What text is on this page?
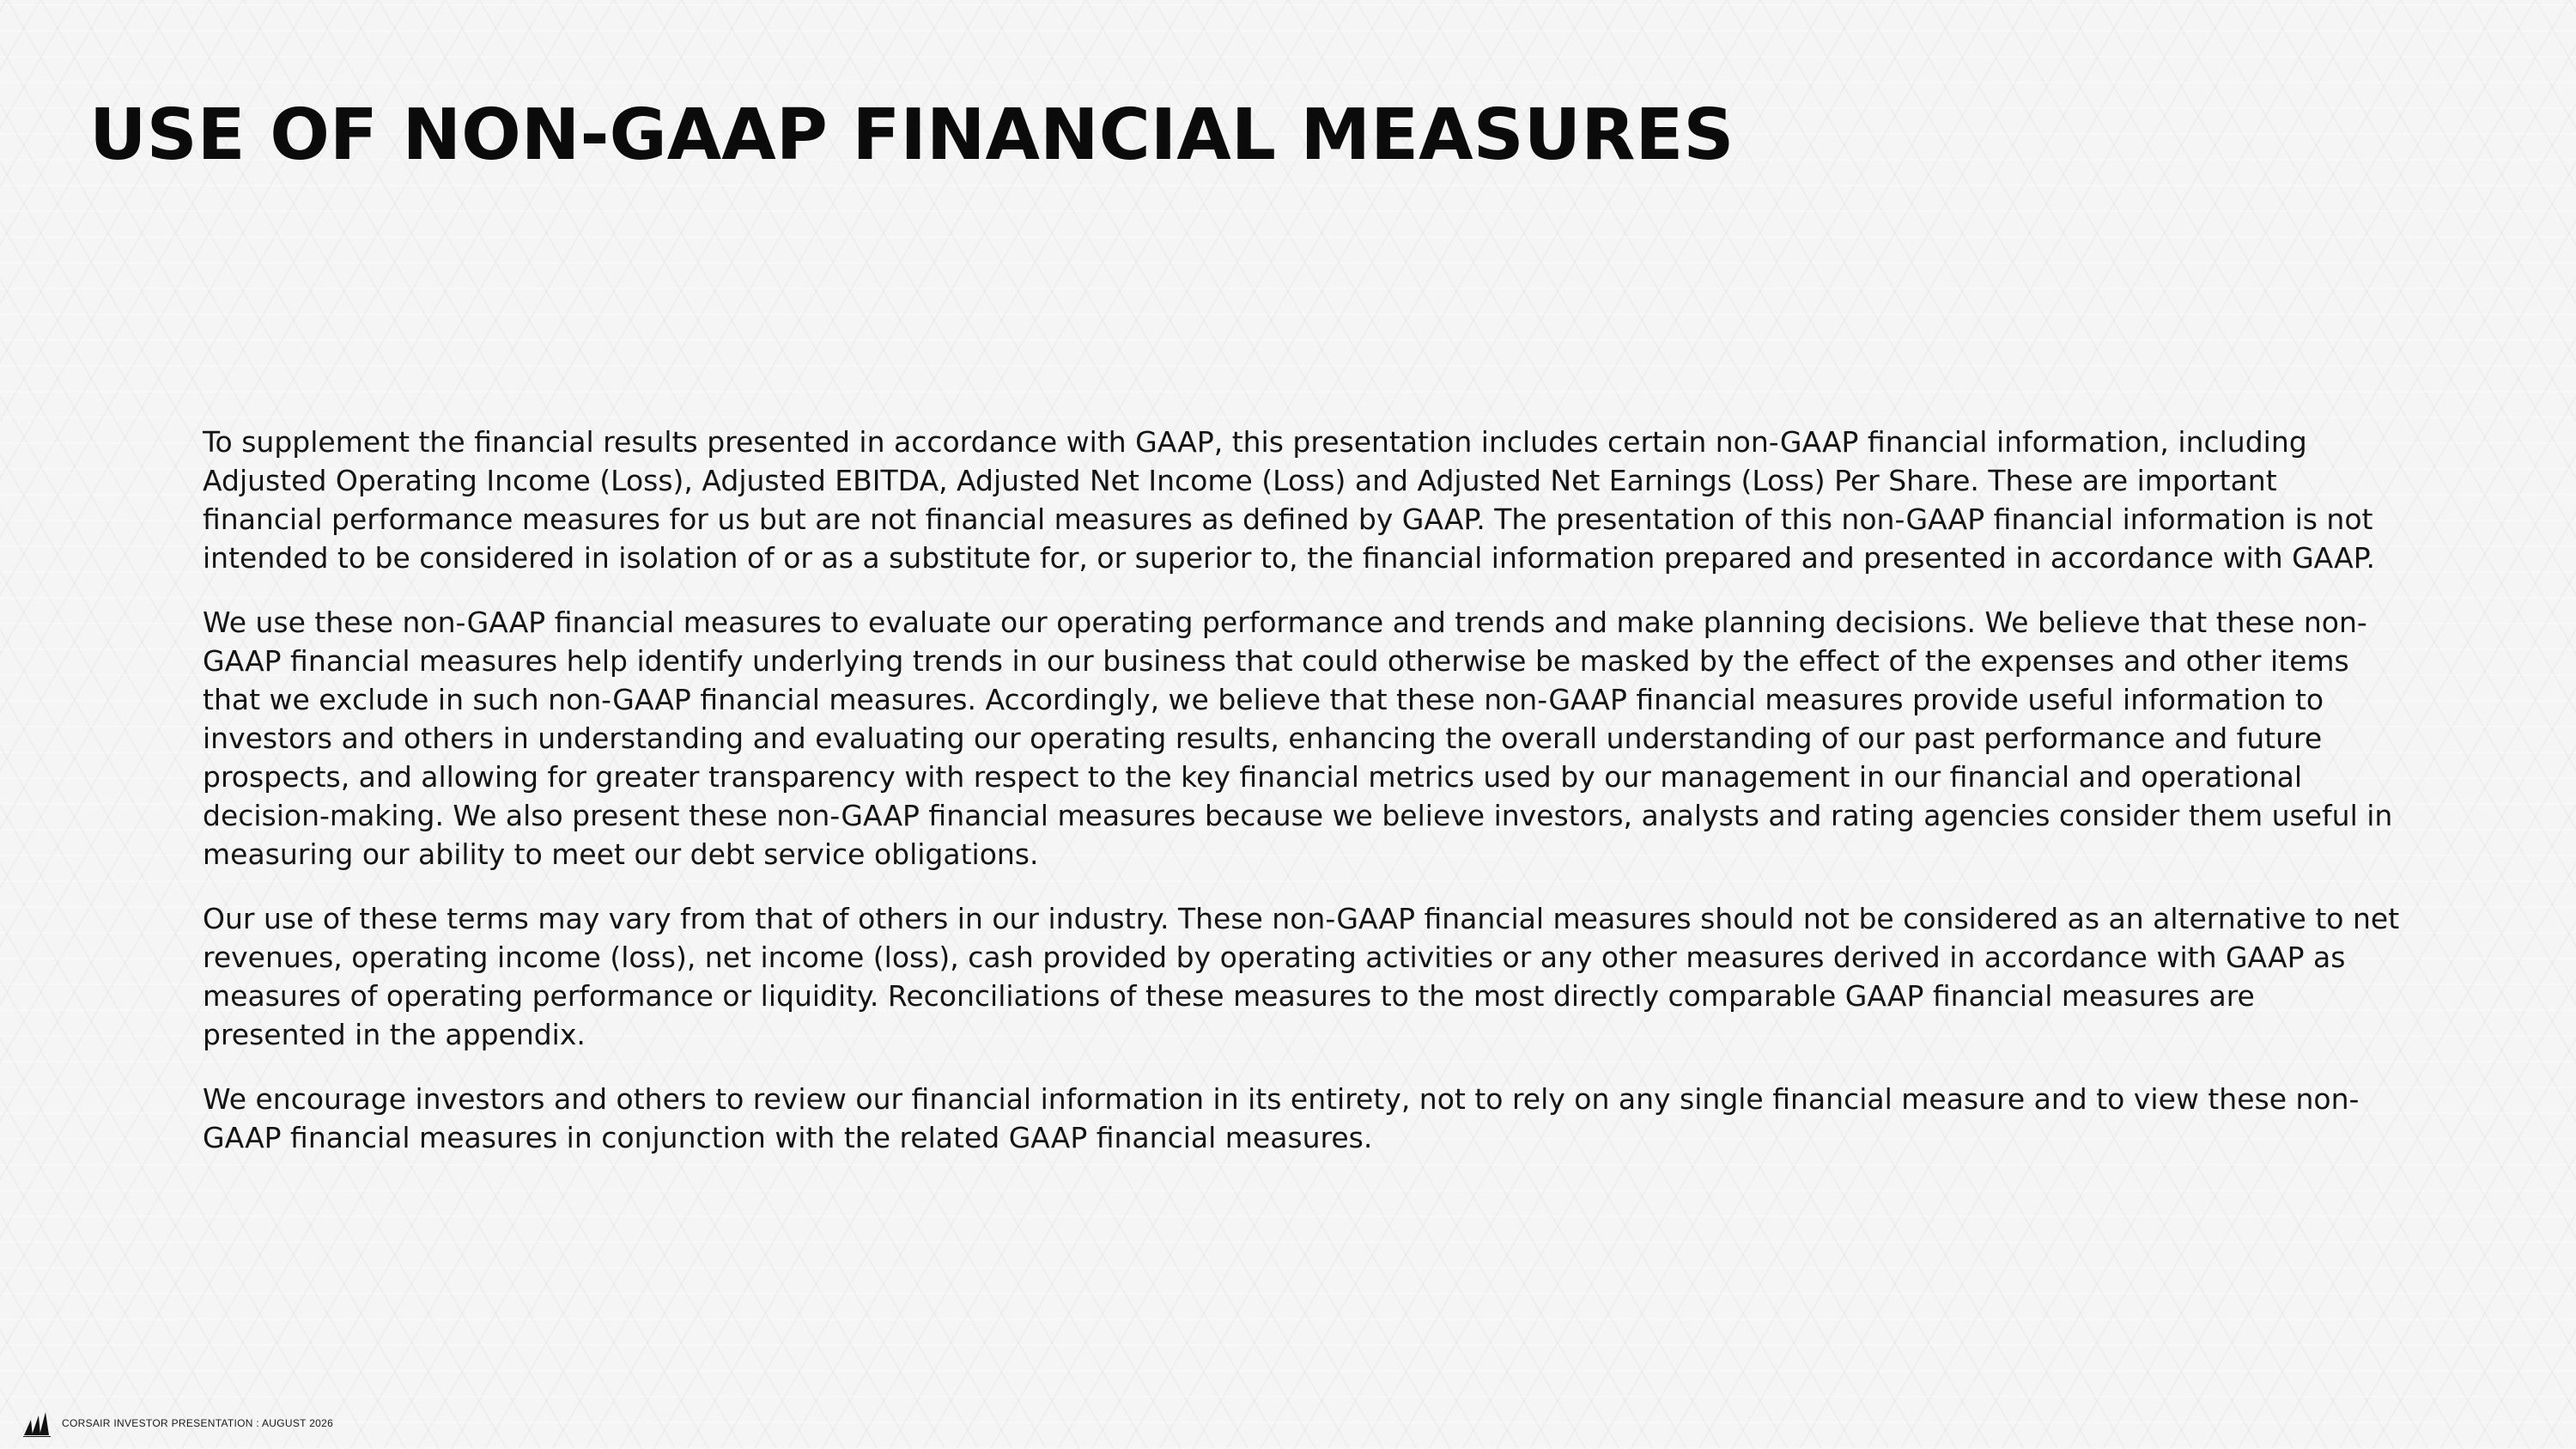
USE OF NON-GAAP FINANCIAL MEASURES

To supplement the financial results presented in accordance with GAAP, this presentation includes certain non-GAAP financial information, including Adjusted Operating Income (Loss), Adjusted EBITDA, Adjusted Net Income (Loss) and Adjusted Net Earnings (Loss) Per Share. These are important financial performance measures for us but are not financial measures as defined by GAAP. The presentation of this non-GAAP financial information is not intended to be considered in isolation of or as a substitute for, or superior to, the financial information prepared and presented in accordance with GAAP.

We use these non-GAAP financial measures to evaluate our operating performance and trends and make planning decisions. We believe that these non-GAAP financial measures help identify underlying trends in our business that could otherwise be masked by the effect of the expenses and other items that we exclude in such non-GAAP financial measures. Accordingly, we believe that these non-GAAP financial measures provide useful information to investors and others in understanding and evaluating our operating results, enhancing the overall understanding of our past performance and future prospects, and allowing for greater transparency with respect to the key financial metrics used by our management in our financial and operational decision-making. We also present these non-GAAP financial measures because we believe investors, analysts and rating agencies consider them useful in measuring our ability to meet our debt service obligations.

Our use of these terms may vary from that of others in our industry. These non-GAAP financial measures should not be considered as an alternative to net revenues, operating income (loss), net income (loss), cash provided by operating activities or any other measures derived in accordance with GAAP as measures of operating performance or liquidity. Reconciliations of these measures to the most directly comparable GAAP financial measures are presented in the appendix.

We encourage investors and others to review our financial information in its entirety, not to rely on any single financial measure and to view these non-GAAP financial measures in conjunction with the related GAAP financial measures.

CORSAIR INVESTOR PRESENTATION : AUGUST 2026
